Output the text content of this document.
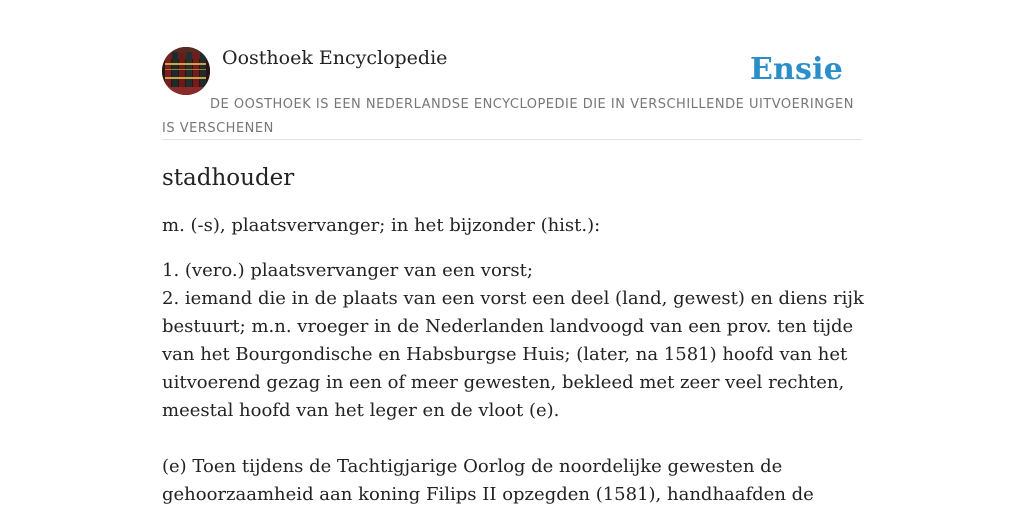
Oosthoek Encyclopedie	Ensie
DE OOSTHOEK IS EEN NEDERLANDSE ENCYCLOPEDIE DIE IN VERSCHILLENDE UITVOERINGEN IS VERSCHENEN
stadhouder

m. (-s), plaatsvervanger; in het bijzonder (hist.):

1. (vero.) plaatsvervanger van een vorst;

2. iemand die in de plaats van een vorst een deel (land, gewest) en diens rijk bestuurt; m.n. vroeger in de Nederlanden landvoogd van een prov. ten tijde van het Bourgondische en Habsburgse Huis; (later, na 1581) hoofd van het uitvoerend gezag in een of meer gewesten, bekleed met zeer veel rechten, meestal hoofd van het leger en de vloot (e).

(e) Toen tijdens de Tachtigjarige Oorlog de noordelijke gewesten de gehoorzaamheid aan koning Filips II opzegden (1581), handhaafden de
